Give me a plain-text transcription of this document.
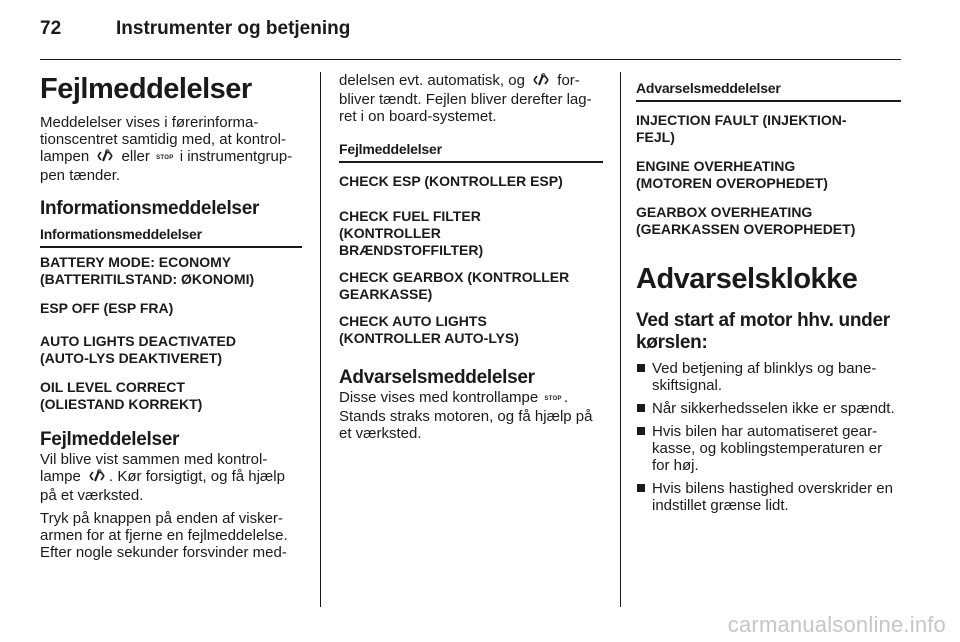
72	Instrumenter og betjening
Fejlmeddelelser

Meddelelser vises i førerinforma-tionscentret samtidig med, at kontrol-lampen eller STOP i instrumentgrup-pen tænder.

Informationsmeddelelser
Informationsmeddelelser
BATTERY MODE: ECONOMY
(BATTERITILSTAND: ØKONOMI)
ESP OFF (ESP FRA)
AUTO LIGHTS DEACTIVATED
(AUTO-LYS DEAKTIVERET)
OIL LEVEL CORRECT
(OLIESTAND KORREKT)
Fejlmeddelelser

Vil blive vist sammen med kontrol-lampe . Kør forsigtigt, og få hjælp på et værksted.

Tryk på knappen på enden af visker-armen for at fjerne en fejlmeddelelse. Efter nogle sekunder forsvinder med-

delelsen evt. automatisk, og for-bliver tændt. Fejlen bliver derefter lag-ret i on board-systemet.

Fejlmeddelelser
CHECK ESP (KONTROLLER ESP)
CHECK FUEL FILTER
(KONTROLLER
BRÆNDSTOFFILTER)
CHECK GEARBOX (KONTROLLER
GEARKASSE)
CHECK AUTO LIGHTS
(KONTROLLER AUTO-LYS)
Advarselsmeddelelser

Disse vises med kontrollampe STOP . Stands straks motoren, og få hjælp på et værksted.

Advarselsmeddelelser
INJECTION FAULT (INJEKTION-
FEJL)
ENGINE OVERHEATING
(MOTOREN OVEROPHEDET)
GEARBOX OVERHEATING
(GEARKASSEN OVEROPHEDET)
Advarselsklokke
Ved start af motor hhv. under kørslen:
Ved betjening af blinklys og bane-skiftsignal.
Når sikkerhedsselen ikke er spændt.
Hvis bilen har automatiseret gear-kasse, og koblingstemperaturen er for høj.
Hvis bilens hastighed overskrider en indstillet grænse lidt.
carmanualsonline.info
